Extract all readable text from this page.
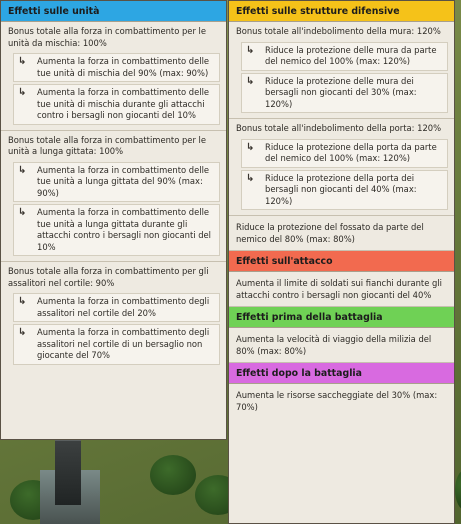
Effetti sulle unità
Bonus totale alla forza in combattimento per le unità da mischia: 100%
↳ Aumenta la forza in combattimento delle tue unità di mischia del 90% (max: 90%)
↳ Aumenta la forza in combattimento delle tue unità di mischia durante gli attacchi contro i bersagli non giocanti del 10%
Bonus totale alla forza in combattimento per le unità a lunga gittata: 100%
↳ Aumenta la forza in combattimento delle tue unità a lunga gittata del 90% (max: 90%)
↳ Aumenta la forza in combattimento delle tue unità a lunga gittata durante gli attacchi contro i bersagli non giocanti del 10%
Bonus totale alla forza in combattimento per gli assalitori nel cortile: 90%
↳ Aumenta la forza in combattimento degli assalitori nel cortile del 20%
↳ Aumenta la forza in combattimento degli assalitori nel cortile di un bersaglio non giocante del 70%
Effetti sulle strutture difensive
Bonus totale all'indebolimento della mura: 120%
↳ Riduce la protezione delle mura da parte del nemico del 100% (max: 120%)
↳ Riduce la protezione delle mura dei bersagli non giocanti del 30% (max: 120%)
Bonus totale all'indebolimento della porta: 120%
↳ Riduce la protezione della porta da parte del nemico del 100% (max: 120%)
↳ Riduce la protezione della porta dei bersagli non giocanti del 40% (max: 120%)
Riduce la protezione del fossato da parte del nemico del 80% (max: 80%)
Effetti sull'attacco
Aumenta il limite di soldati sui fianchi durante gli attacchi contro i bersagli non giocanti del 40%
Effetti prima della battaglia
Aumenta la velocità di viaggio della milizia del 80% (max: 80%)
Effetti dopo la battaglia
Aumenta le risorse saccheggiate del 30% (max: 70%)
